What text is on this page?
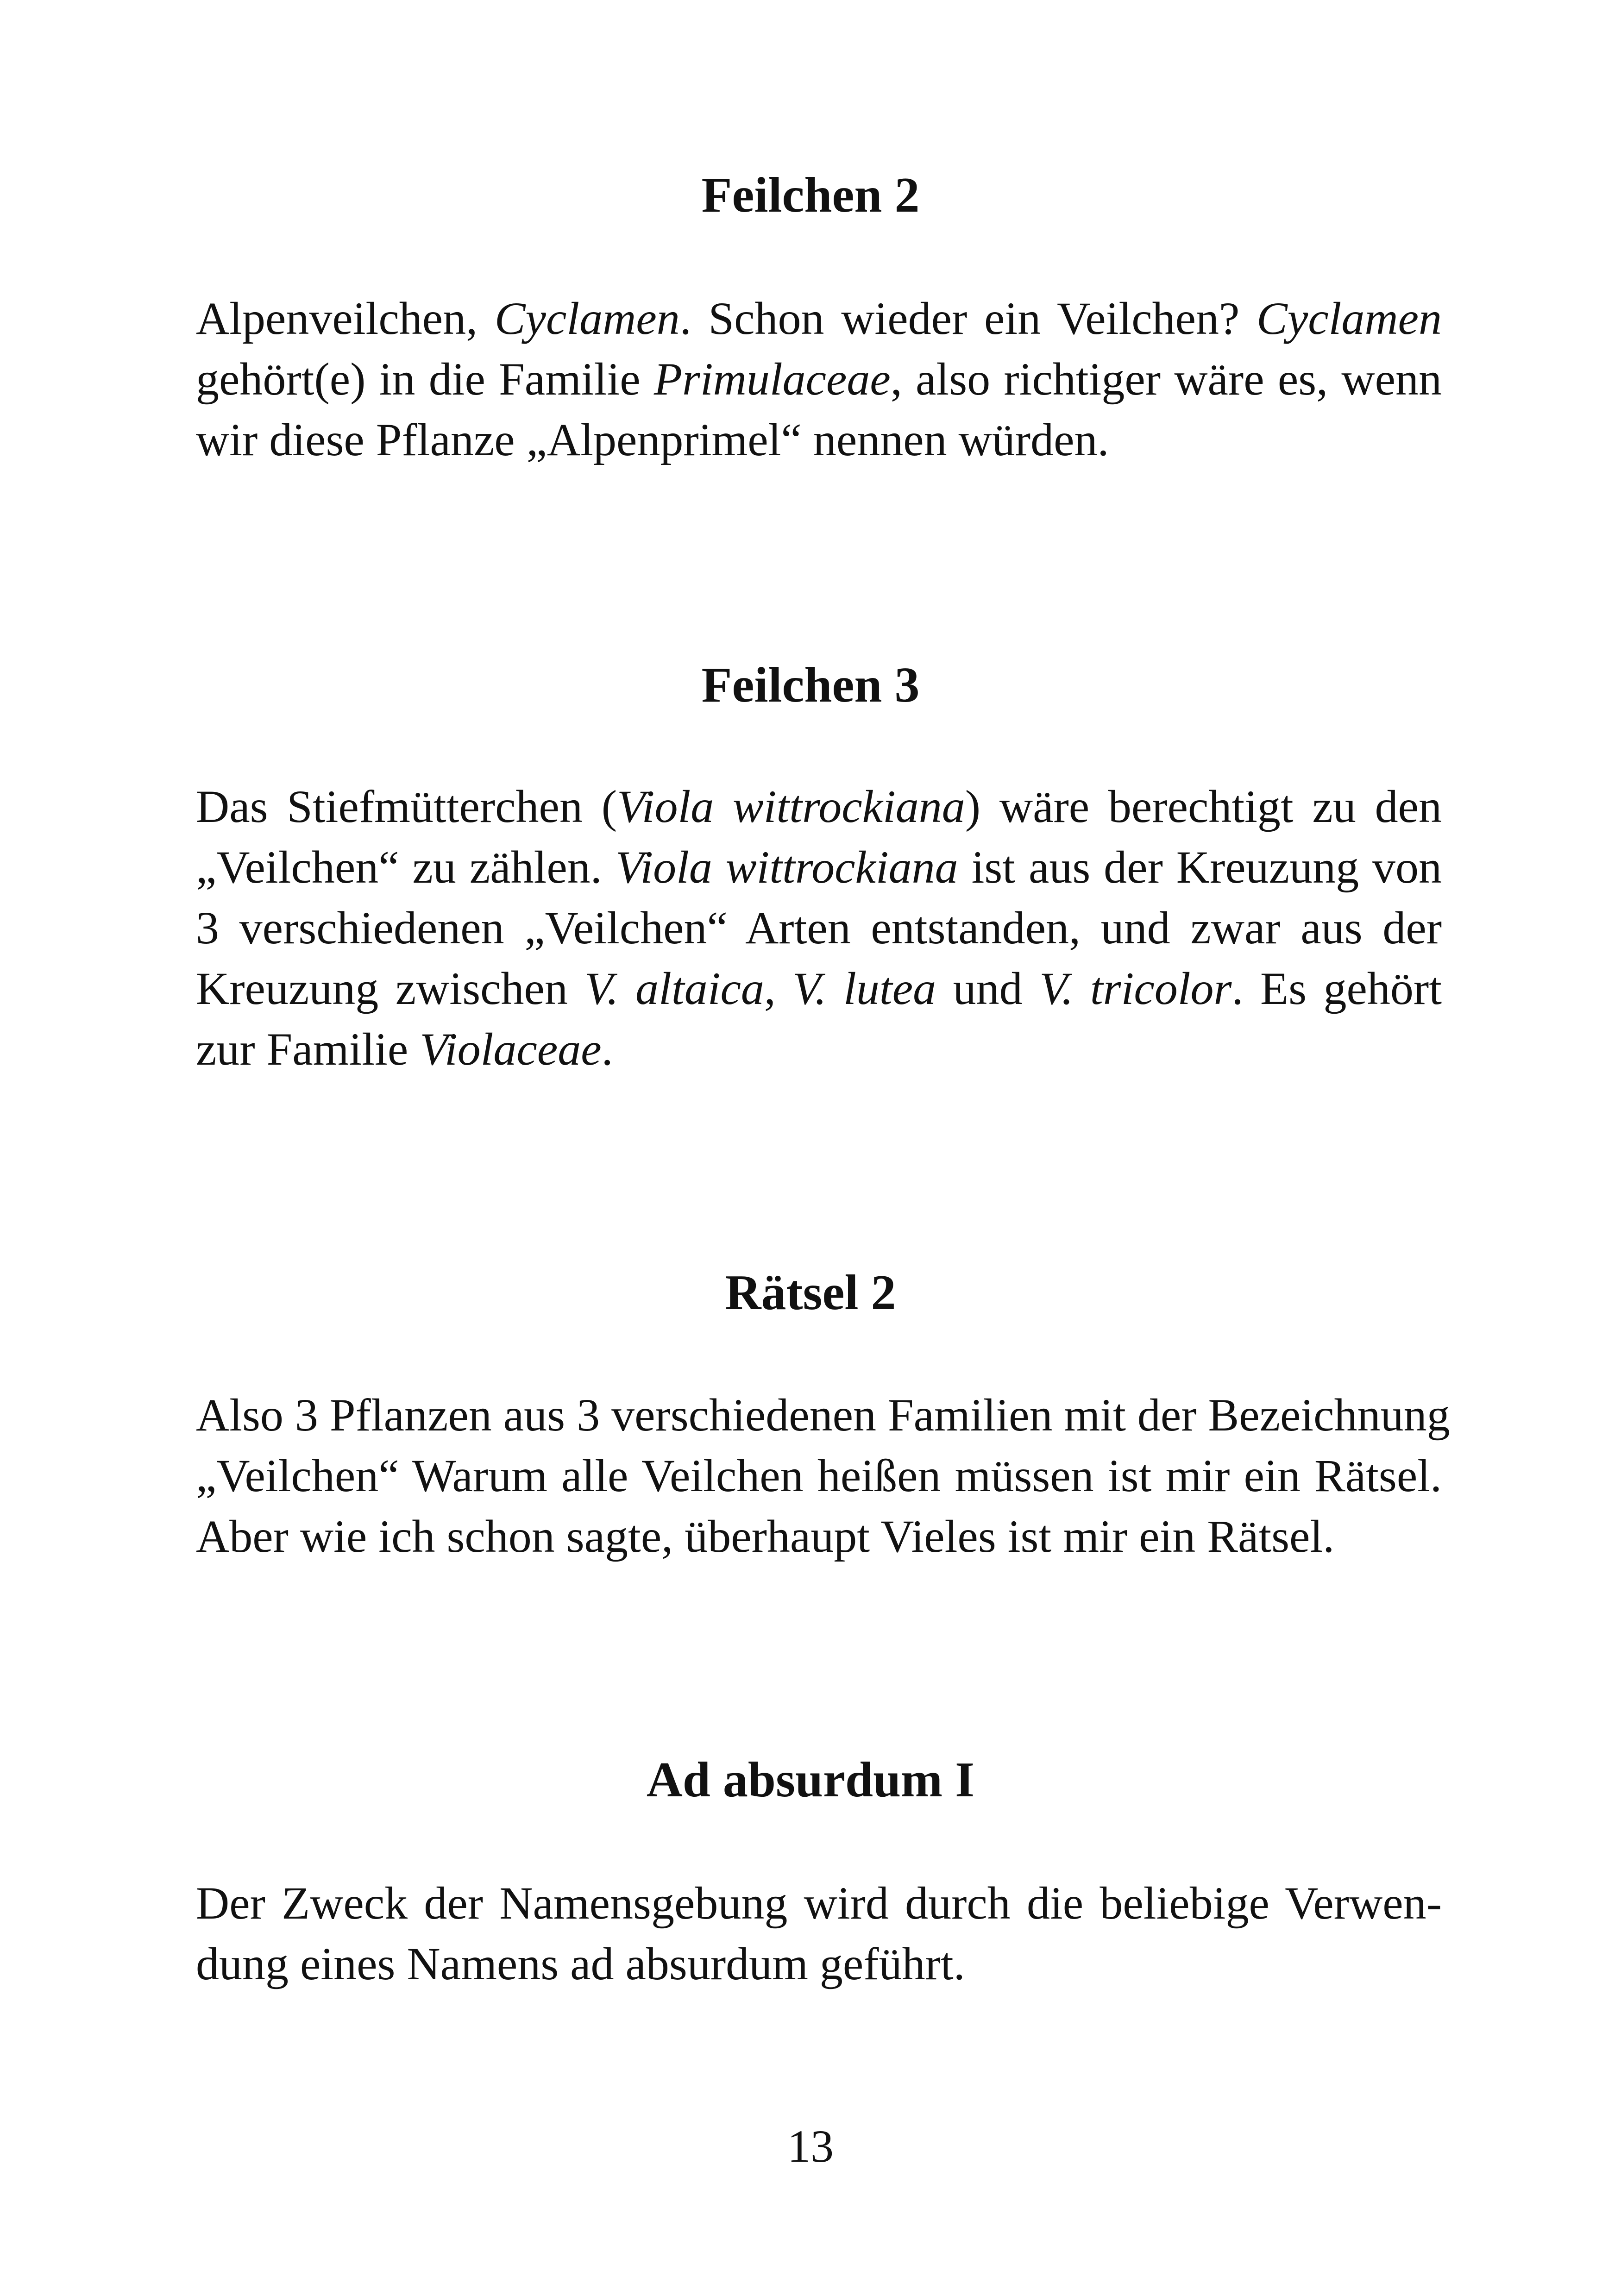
Feilchen 2
Alpenveilchen, Cyclamen. Schon wieder ein Veilchen? Cyclamen
gehört(e) in die Familie Primulaceae, also richtiger wäre es, wenn
wir diese Pflanze „Alpenprimel“ nennen würden.
Feilchen 3
Das Stiefmütterchen (Viola wittrockiana) wäre berechtigt zu den
„Veilchen“ zu zählen. Viola wittrockiana ist aus der Kreuzung von
3 verschiedenen „Veilchen“ Arten entstanden, und zwar aus der
Kreuzung zwischen V. altaica, V. lutea und V. tricolor. Es gehört
zur Familie Violaceae.
Rätsel 2
Also 3 Pflanzen aus 3 verschiedenen Familien mit der Bezeichnung
„Veilchen“ Warum alle Veilchen heißen müssen ist mir ein Rätsel.
Aber wie ich schon sagte, überhaupt Vieles ist mir ein Rätsel.
Ad absurdum I
Der Zweck der Namensgebung wird durch die beliebige Verwen-
dung eines Namens ad absurdum geführt.
13
